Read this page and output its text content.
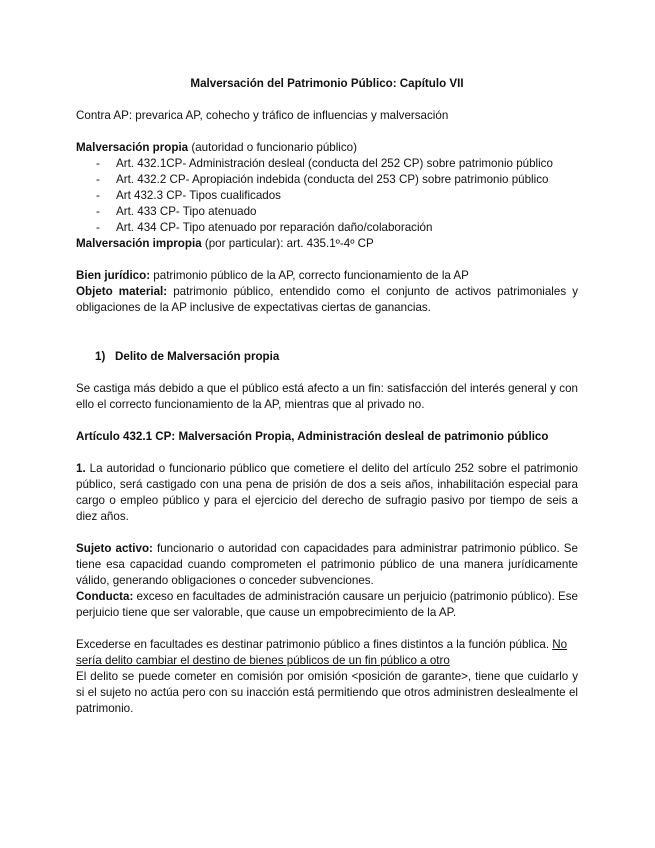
Malversación del Patrimonio Público: Capítulo VII
Contra AP: prevarica AP, cohecho y tráfico de influencias y malversación
Malversación propia (autoridad o funcionario público)
- Art. 432.1CP- Administración desleal (conducta del 252 CP) sobre patrimonio público
- Art. 432.2 CP- Apropiación indebida (conducta del 253 CP) sobre patrimonio público
- Art 432.3 CP- Tipos cualificados
- Art. 433 CP- Tipo atenuado
- Art. 434 CP- Tipo atenuado por reparación daño/colaboración
Malversación impropia (por particular): art. 435.1º-4º CP
Bien jurídico: patrimonio público de la AP, correcto funcionamiento de la AP
Objeto material: patrimonio público, entendido como el conjunto de activos patrimoniales y obligaciones de la AP inclusive de expectativas ciertas de ganancias.
1) Delito de Malversación propia
Se castiga más debido a que el público está afecto a un fin: satisfacción del interés general y con ello el correcto funcionamiento de la AP, mientras que al privado no.
Artículo 432.1 CP: Malversación Propia, Administración desleal de patrimonio público
1. La autoridad o funcionario público que cometiere el delito del artículo 252 sobre el patrimonio público, será castigado con una pena de prisión de dos a seis años, inhabilitación especial para cargo o empleo público y para el ejercicio del derecho de sufragio pasivo por tiempo de seis a diez años.
Sujeto activo: funcionario o autoridad con capacidades para administrar patrimonio público. Se tiene esa capacidad cuando comprometen el patrimonio público de una manera jurídicamente válido, generando obligaciones o conceder subvenciones.
Conducta: exceso en facultades de administración causare un perjuicio (patrimonio público). Ese perjuicio tiene que ser valorable, que cause un empobrecimiento de la AP.
Excederse en facultades es destinar patrimonio público a fines distintos a la función pública. No sería delito cambiar el destino de bienes públicos de un fin público a otro
El delito se puede cometer en comisión por omisión <posición de garante>, tiene que cuidarlo y si el sujeto no actúa pero con su inacción está permitiendo que otros administren deslealmente el patrimonio.
